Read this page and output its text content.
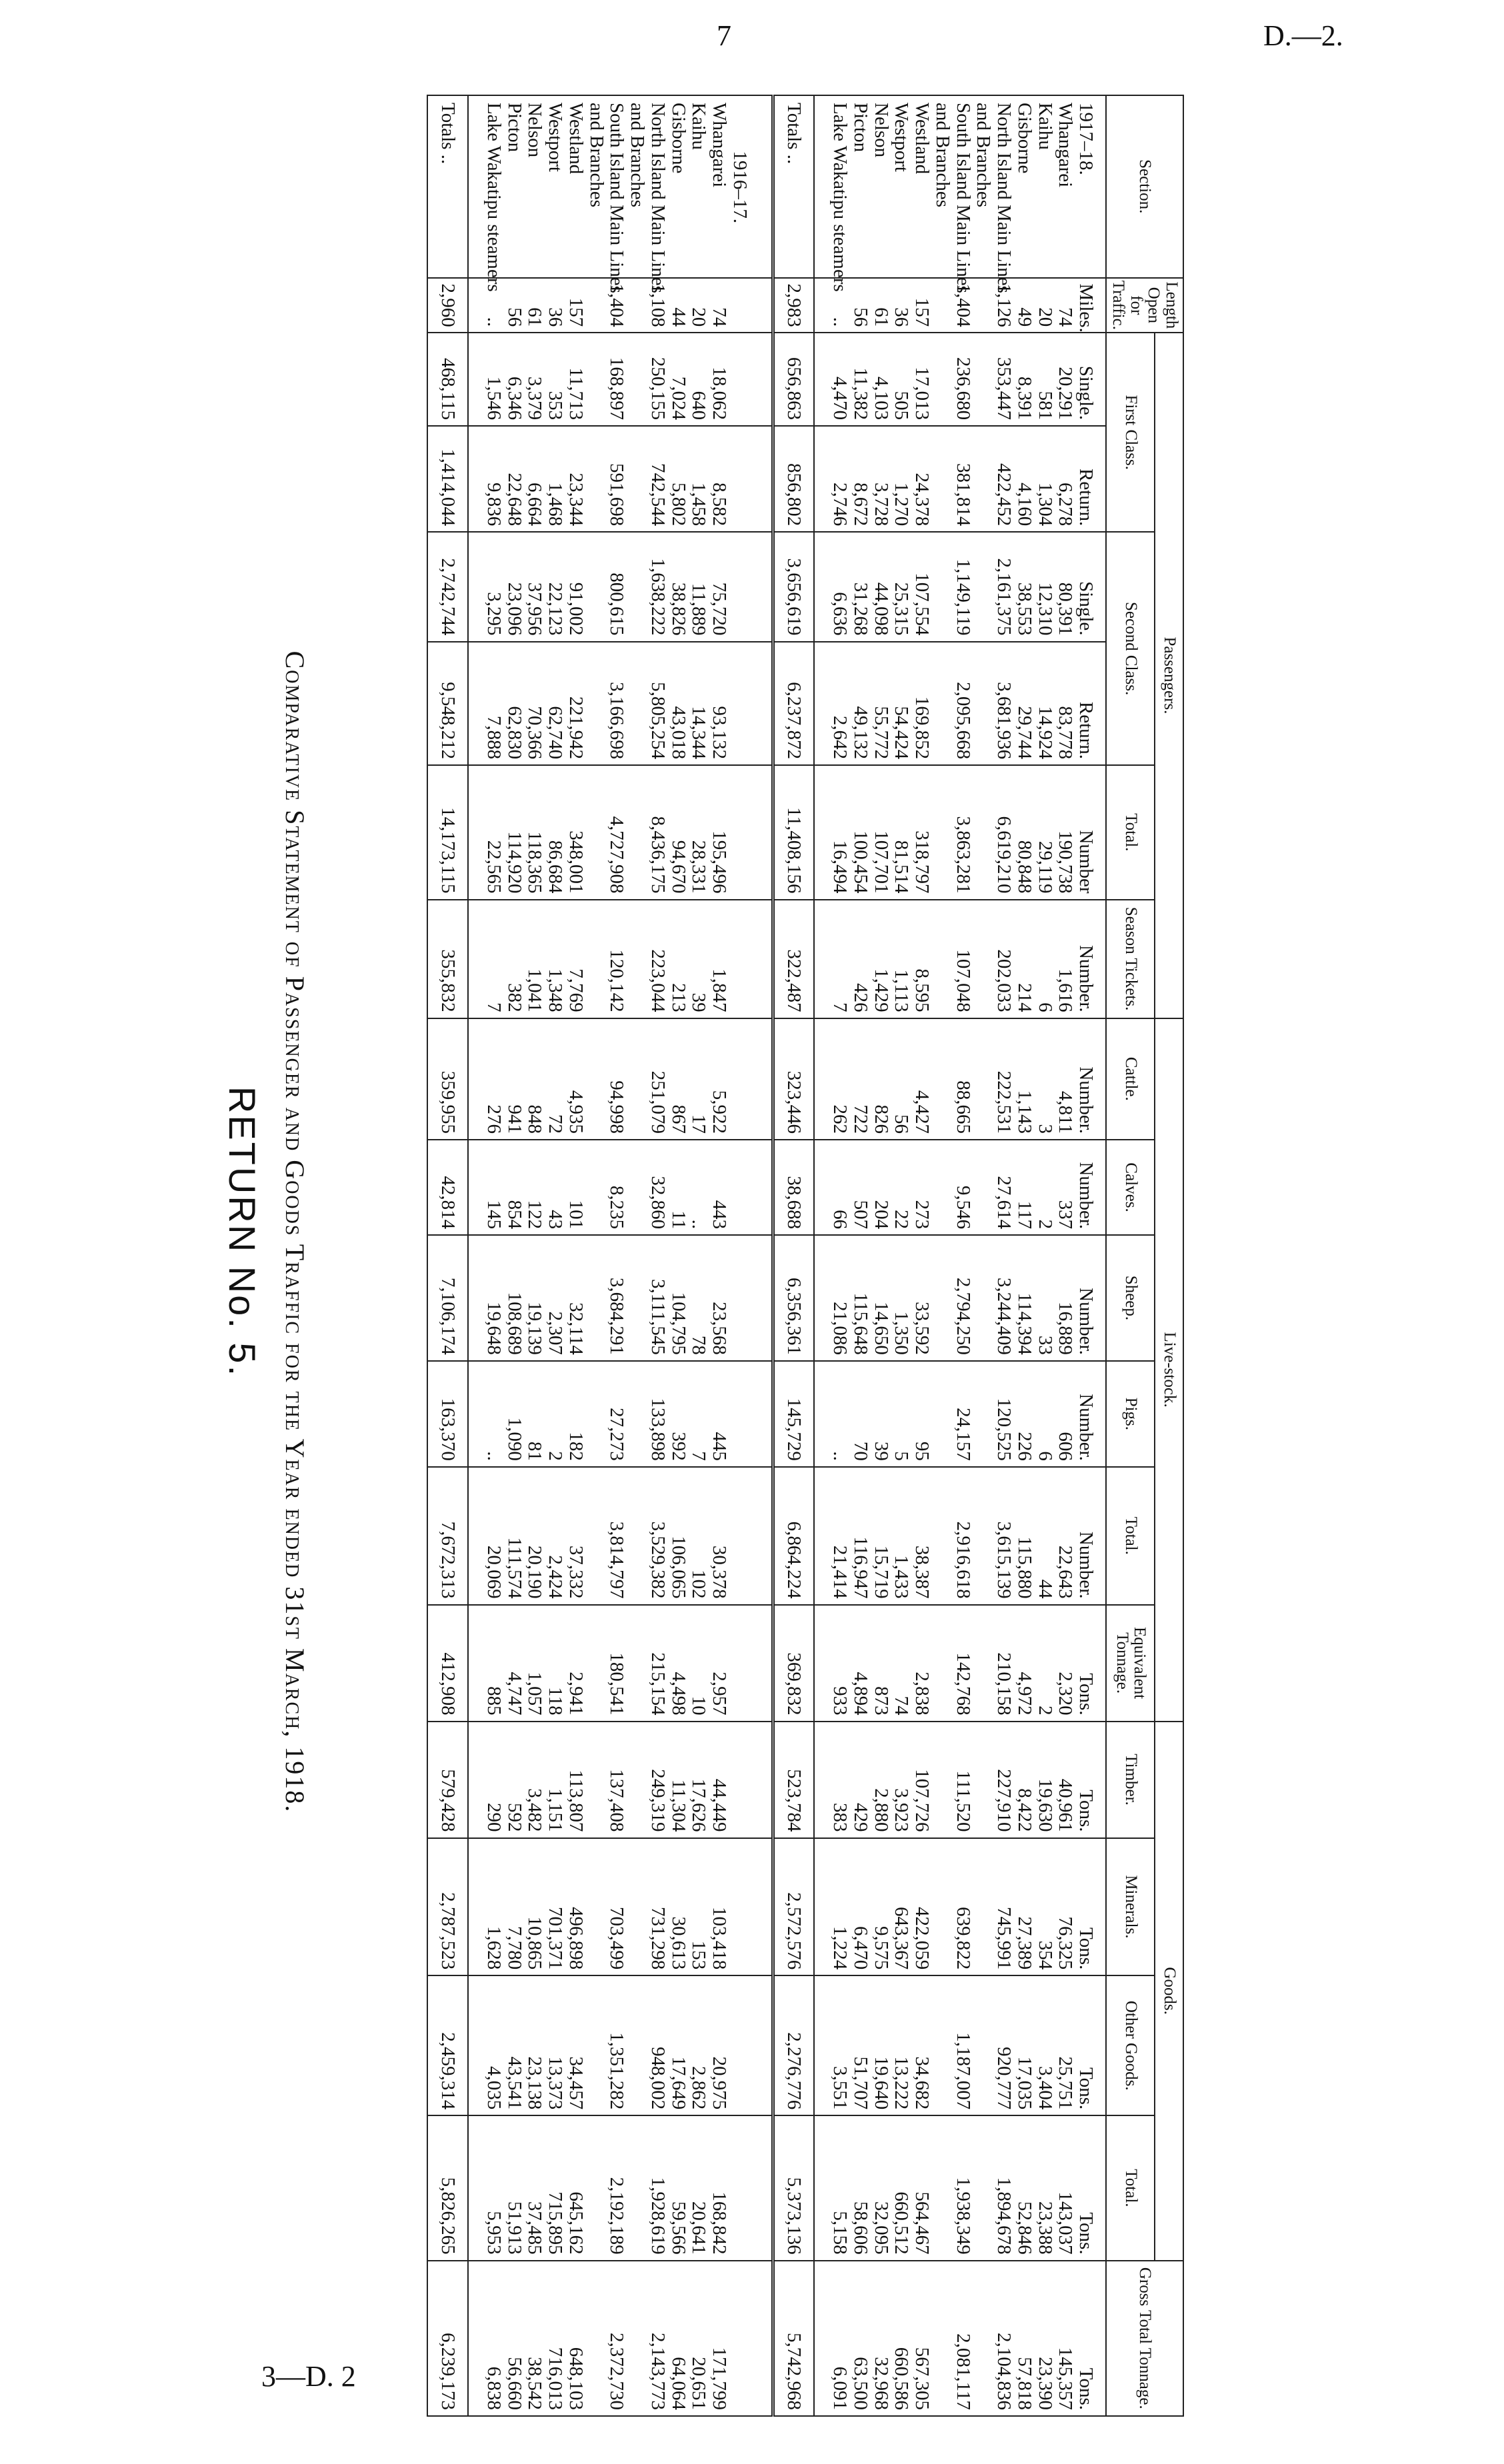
7	D.—2.
3—D. 2
RETURN No. 5. Comparative Statement of Passenger and Goods Traffic for the Year ended 31st March, 1918.
Section.	Length Open for Traffic.	Passengers.						Live-stock.						Goods.				Gross Total Tonnage.
		First Class.		Second Class.		Total.	Season Tickets.	Cattle.	Calves.	Sheep.	Pigs.	Total.	Equivalent Tonnage.	Timber.	Minerals.	Other Goods.	Total.	
1917–18.	Miles.	Single.	Return.	Single.	Return.	Number	Number.	Number.	Number.	Number.	Number.	Number.	Tons.	Tons.	Tons.	Tons.	Tons.	Tons.
Whangarei	74	20,291	6,278	80,391	83,778	190,738	1,616	4,811	337	16,889	606	22,643	2,320	40,961	76,325	25,751	143,037	145,357
Kaihu	20	581	1,304	12,310	14,924	29,119	6	3	2	33	6	44	2	19,630	354	3,404	23,388	23,390
Gisborne	49	8,391	4,160	38,553	29,744	80,848	214	1,143	117	114,394	226	115,880	4,972	8,422	27,389	17,035	52,846	57,818
North Island Main Lines	1,126	353,447	422,452	2,161,375	3,681,936	6,619,210	202,033	222,531	27,614	3,244,409	120,525	3,615,139	210,158	227,910	745,991	920,777	1,894,678	2,104,836
and Branches																		
South Island Main Lines	1,404	236,680	381,814	1,149,119	2,095,668	3,863,281	107,048	88,665	9,546	2,794,250	24,157	2,916,618	142,768	111,520	639,822	1,187,007	1,938,349	2,081,117
and Branches																		
Westland	157	17,013	24,378	107,554	169,852	318,797	8,595	4,427	273	33,592	95	38,387	2,838	107,726	422,059	34,682	564,467	567,305
Westport	36	505	1,270	25,315	54,424	81,514	1,113	56	22	1,350	5	1,433	74	3,923	643,367	13,222	660,512	660,586
Nelson	61	4,103	3,728	44,098	55,772	107,701	1,429	826	204	14,650	39	15,719	873	2,880	9,575	19,640	32,095	32,968
Picton	56	11,382	8,672	31,268	49,132	100,454	426	722	507	115,648	70	116,947	4,894	429	6,470	51,707	58,606	63,500
Lake Wakatipu steamers	..	4,470	2,746	6,636	2,642	16,494	7	262	66	21,086	..	21,414	933	383	1,224	3,551	5,158	6,091

Totals ..	2,983	656,863	856,802	3,656,619	6,237,872	11,408,156	322,487	323,446	38,688	6,356,361	145,729	6,864,224	369,832	523,784	2,572,576	2,276,776	5,373,136	5,742,968

1916–17.																		
Whangarei	74	18,062	8,582	75,720	93,132	195,496	1,847	5,922	443	23,568	445	30,378	2,957	44,449	103,418	20,975	168,842	171,799
Kaihu	20	640	1,458	11,889	14,344	28,331	39	17	..	78	7	102	10	17,626	153	2,862	20,641	20,651
Gisborne	44	7,024	5,802	38,826	43,018	94,670	213	867	11	104,795	392	106,065	4,498	11,304	30,613	17,649	59,566	64,064
North Island Main Lines	1,108	250,155	742,544	1,638,222	5,805,254	8,436,175	223,044	251,079	32,860	3,111,545	133,898	3,529,382	215,154	249,319	731,298	948,002	1,928,619	2,143,773
and Branches																		
South Island Main Lines	1,404	168,897	591,698	800,615	3,166,698	4,727,908	120,142	94,998	8,235	3,684,291	27,273	3,814,797	180,541	137,408	703,499	1,351,282	2,192,189	2,372,730
and Branches																		
Westland	157	11,713	23,344	91,002	221,942	348,001	7,769	4,935	101	32,114	182	37,332	2,941	113,807	496,898	34,457	645,162	648,103
Westport	36	353	1,468	22,123	62,740	86,684	1,348	72	43	2,307	2	2,424	118	1,151	701,371	13,373	715,895	716,013
Nelson	61	3,379	6,664	37,956	70,366	118,365	1,041	848	122	19,139	81	20,190	1,057	3,482	10,865	23,138	37,485	38,542
Picton	56	6,346	22,648	23,096	62,830	114,920	382	941	854	108,689	1,090	111,574	4,747	592	7,780	43,541	51,913	56,660
Lake Wakatipu steamers	..	1,546	9,836	3,295	7,888	22,565	7	276	145	19,648	..	20,069	885	290	1,628	4,035	5,953	6,838

Totals ..	2,960	468,115	1,414,044	2,742,744	9,548,212	14,173,115	355,832	359,955	42,814	7,106,174	163,370	7,672,313	412,908	579,428	2,787,523	2,459,314	5,826,265	6,239,173
